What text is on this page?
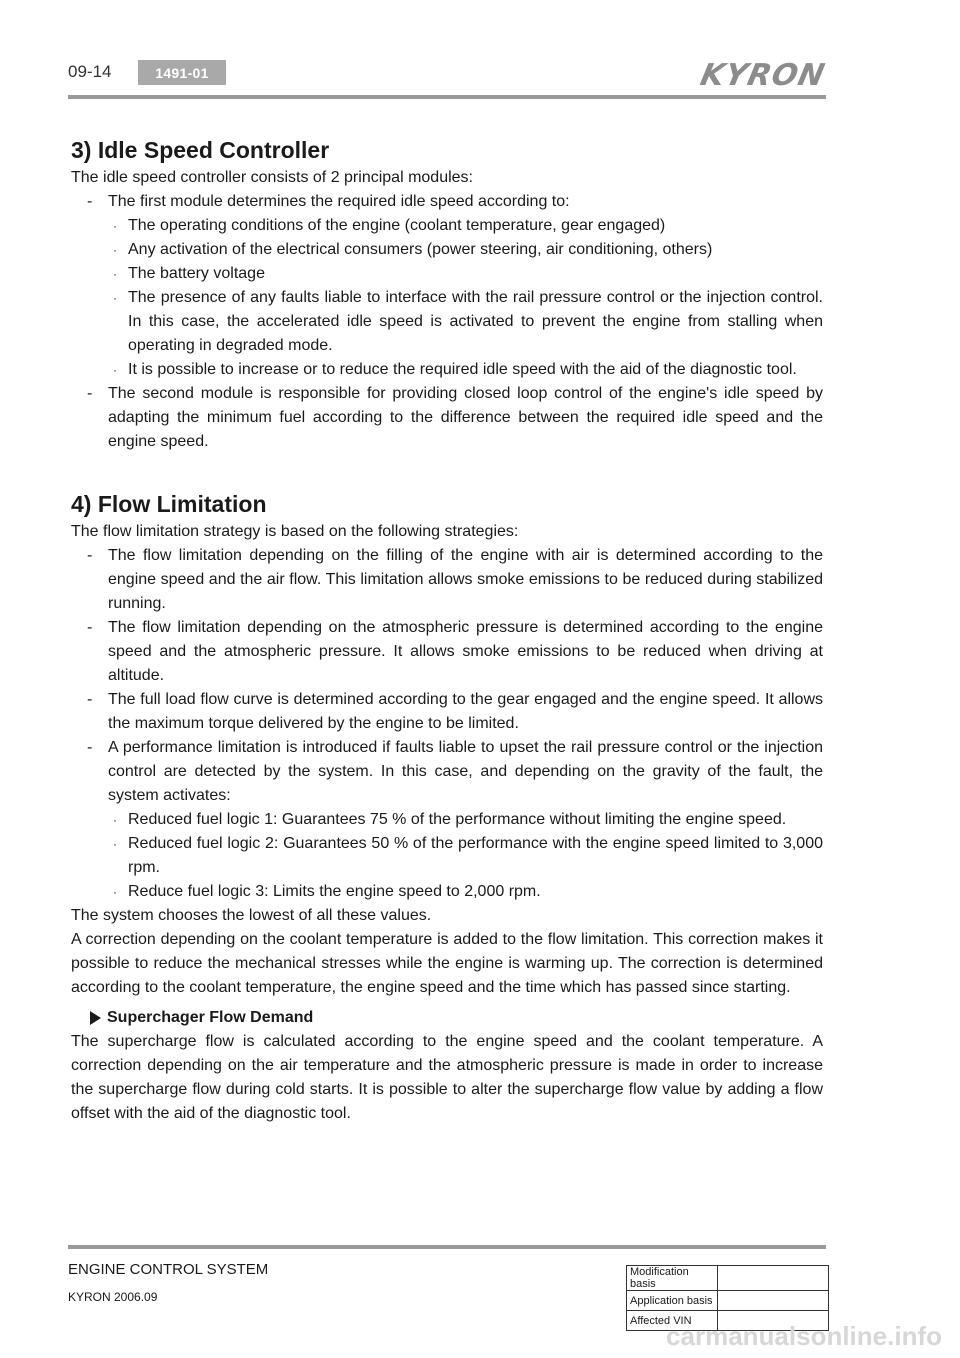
09-14	1491-01	KYRON
3) Idle Speed Controller

The idle speed controller consists of 2 principal modules:

- The first module determines the required idle speed according to:
· The operating conditions of the engine (coolant temperature, gear engaged)
· Any activation of the electrical consumers (power steering, air conditioning, others)
· The battery voltage
· The presence of any faults liable to interface with the rail pressure control or the injection control. In this case, the accelerated idle speed is activated to prevent the engine from stalling when operating in degraded mode.
· It is possible to increase or to reduce the required idle speed with the aid of the diagnostic tool.
- The second module is responsible for providing closed loop control of the engine's idle speed by adapting the minimum fuel according to the difference between the required idle speed and the engine speed.
4) Flow Limitation

The flow limitation strategy is based on the following strategies:

- The flow limitation depending on the filling of the engine with air is determined according to the engine speed and the air flow. This limitation allows smoke emissions to be reduced during stabilized running.
- The flow limitation depending on the atmospheric pressure is determined according to the engine speed and the atmospheric pressure. It allows smoke emissions to be reduced when driving at altitude.
- The full load flow curve is determined according to the gear engaged and the engine speed. It allows the maximum torque delivered by the engine to be limited.
- A performance limitation is introduced if faults liable to upset the rail pressure control or the injection control are detected by the system. In this case, and depending on the gravity of the fault, the system activates:
· Reduced fuel logic 1: Guarantees 75 % of the performance without limiting the engine speed.
· Reduced fuel logic 2: Guarantees 50 % of the performance with the engine speed limited to 3,000 rpm.
· Reduce fuel logic 3: Limits the engine speed to 2,000 rpm.

The system chooses the lowest of all these values.

A correction depending on the coolant temperature is added to the flow limitation. This correction makes it possible to reduce the mechanical stresses while the engine is warming up. The correction is determined according to the coolant temperature, the engine speed and the time which has passed since starting.

Superchager Flow Demand

The supercharge flow is calculated according to the engine speed and the coolant temperature. A correction depending on the air temperature and the atmospheric pressure is made in order to increase the supercharge flow during cold starts. It is possible to alter the supercharge flow value by adding a flow offset with the aid of the diagnostic tool.

ENGINE CONTROL SYSTEM
KYRON 2006.09
Modification basis	
Application basis	
Affected VIN	
carmanualsonline.info
